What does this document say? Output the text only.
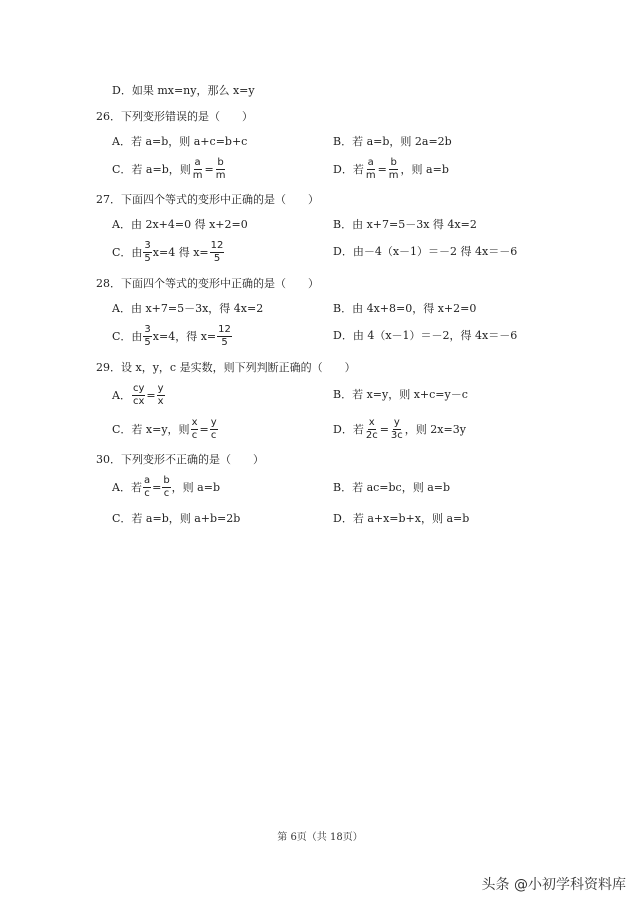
D．如果 mx=ny，那么 x=y
26．下列变形错误的是（　　）
A．若 a=b，则 a+c=b+c	B．若 a=b，则 2a=2b
C．若 a=b，则 $\frac{a}{m} = \frac{b}{m}$	D．若 $\frac{a}{m} = \frac{b}{m}$ ，则 a=b
27．下面四个等式的变形中正确的是（　　）
A．由 2x+4=0 得 x+2=0	B．由 x+7=5－3x 得 4x=2
C．由 $\frac{3}{5} x=4$ 得 $x= \frac{12}{5}$	D．由－4（x－1）＝－2 得 4x＝－6
28．下面四个等式的变形中正确的是（　　）
A．由 x+7=5－3x，得 4x=2	B．由 4x+8=0，得 x+2=0
C．由 $\frac{3}{5} x=4$，得 $x= \frac{12}{5}$	D．由 4（x－1）＝－2，得 4x＝－6
29．设 x，y，c 是实数，则下列判断正确的（　　）
A． $\frac{cy}{cx} = \frac{y}{x}$	B．若 x=y，则 x+c=y－c
C．若 x=y，则 $\frac{x}{c} = \frac{y}{c}$	D．若 $\frac{x}{2c} = \frac{y}{3c}$ ，则 2x=3y
30．下列变形不正确的是（　　）
A．若 $\frac{a}{c} = \frac{b}{c}$ ，则 a=b	B．若 ac=bc，则 a=b
C．若 a=b，则 a+b=2b	D．若 a+x=b+x，则 a=b
第 6页（共 18页）
头条 @小初学科资料库
